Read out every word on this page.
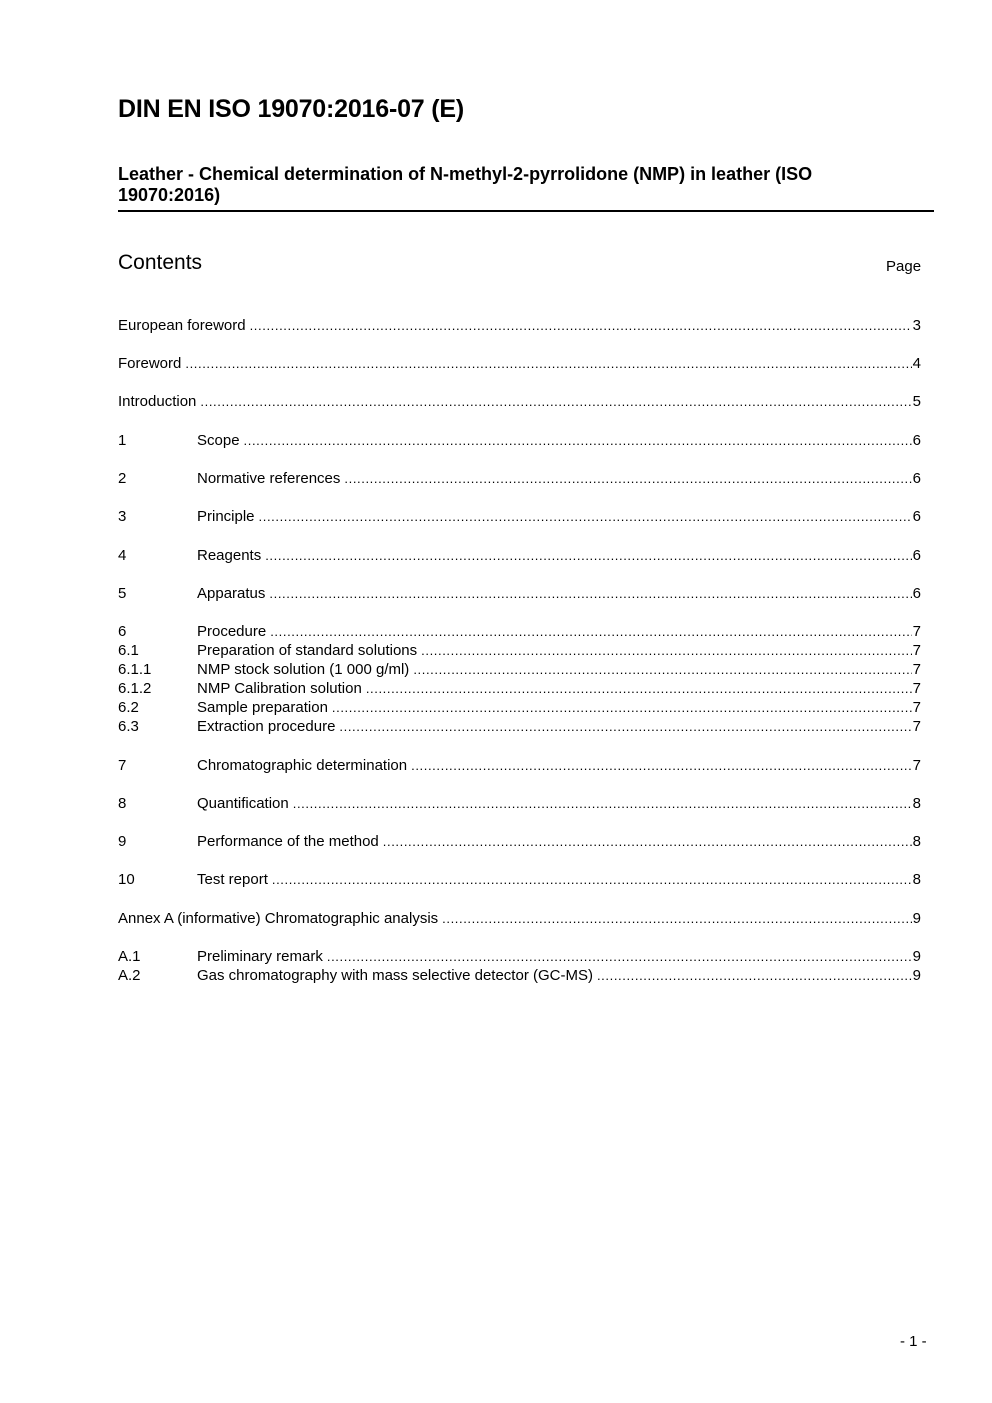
DIN EN ISO 19070:2016-07 (E)
Leather - Chemical determination of N-methyl-2-pyrrolidone (NMP) in leather (ISO 19070:2016)
Contents	Page
European foreword .....	3
Foreword .....	4
Introduction .....	5
1	Scope .....	6
2	Normative references .....	6
3	Principle .....	6
4	Reagents .....	6
5	Apparatus .....	6
6	Procedure .....	7
6.1	Preparation of standard solutions .....	7
6.1.1	NMP stock solution (1 000 g/ml) .....	7
6.1.2	NMP Calibration solution .....	7
6.2	Sample preparation .....	7
6.3	Extraction procedure .....	7
7	Chromatographic determination .....	7
8	Quantification .....	8
9	Performance of the method .....	8
10	Test report .....	8
Annex A (informative) Chromatographic analysis .....	9
A.1	Preliminary remark .....	9
A.2	Gas chromatography with mass selective detector (GC-MS) .....	9
- 1 -
